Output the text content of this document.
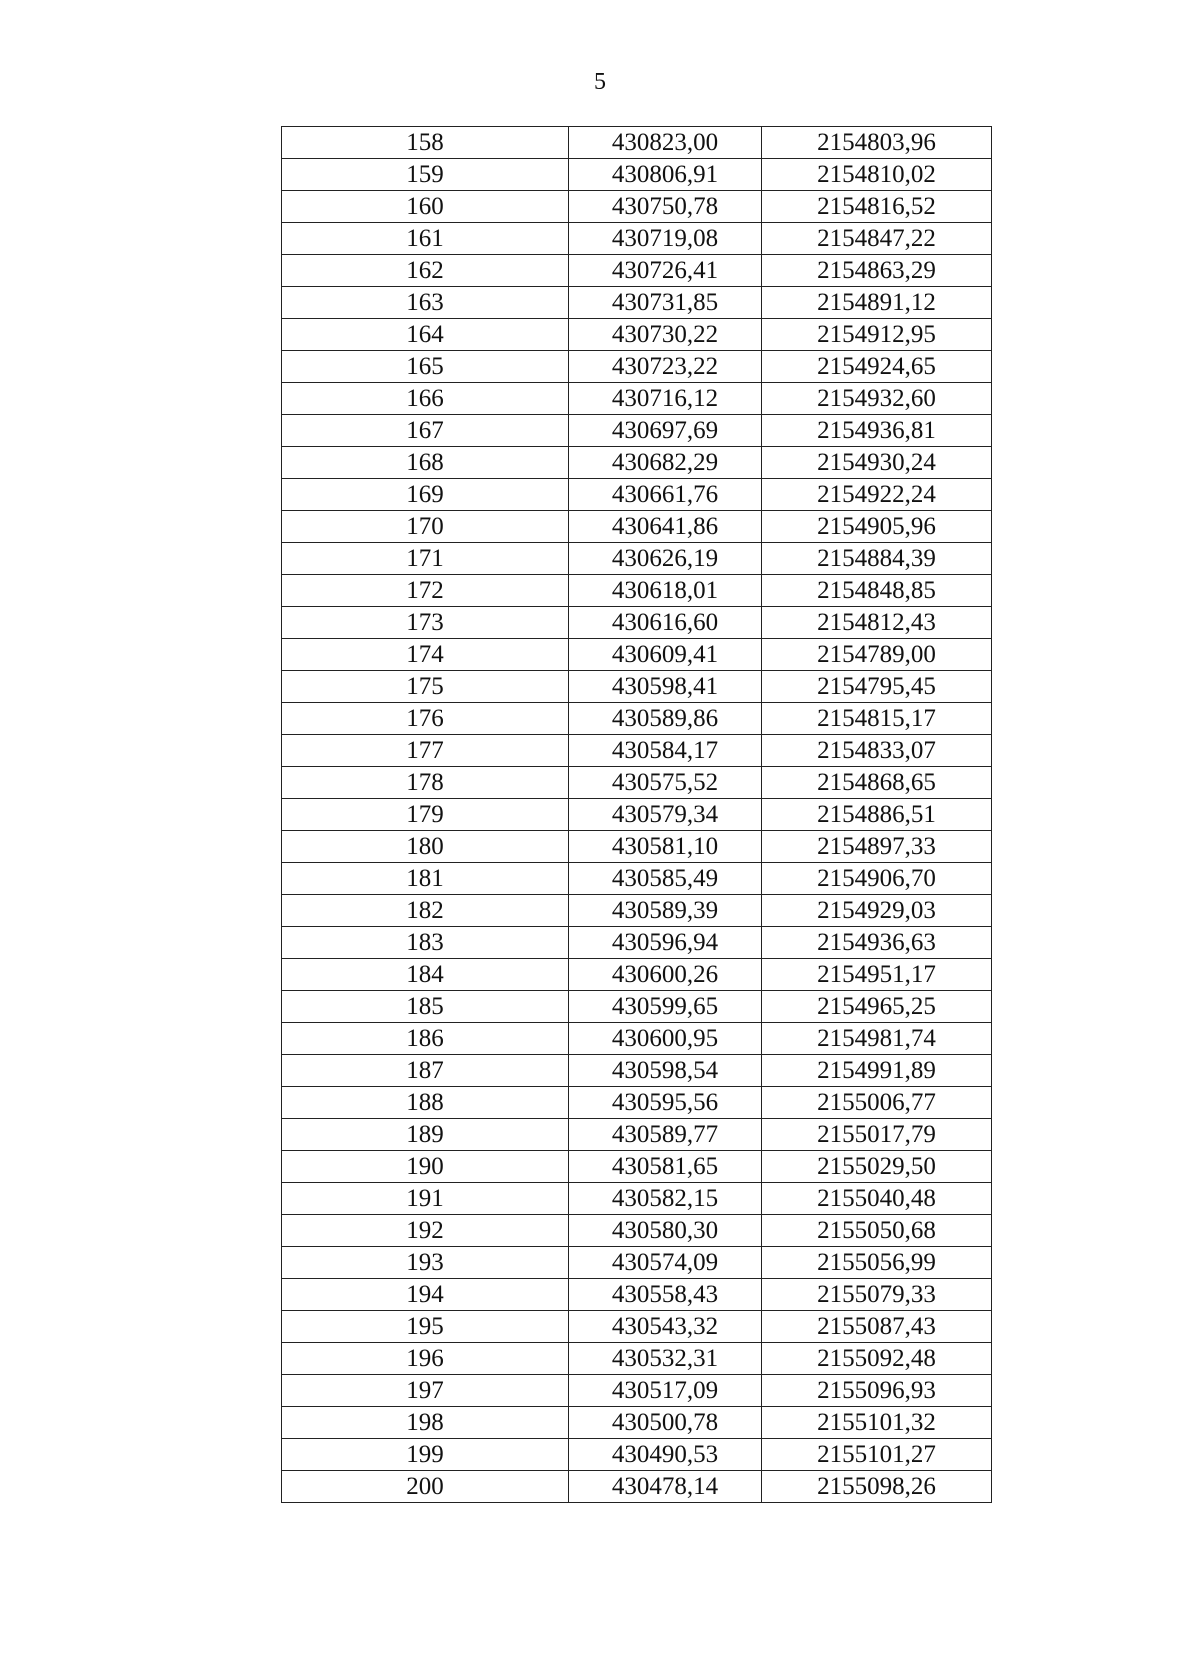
5
158	430823,00	2154803,96
159	430806,91	2154810,02
160	430750,78	2154816,52
161	430719,08	2154847,22
162	430726,41	2154863,29
163	430731,85	2154891,12
164	430730,22	2154912,95
165	430723,22	2154924,65
166	430716,12	2154932,60
167	430697,69	2154936,81
168	430682,29	2154930,24
169	430661,76	2154922,24
170	430641,86	2154905,96
171	430626,19	2154884,39
172	430618,01	2154848,85
173	430616,60	2154812,43
174	430609,41	2154789,00
175	430598,41	2154795,45
176	430589,86	2154815,17
177	430584,17	2154833,07
178	430575,52	2154868,65
179	430579,34	2154886,51
180	430581,10	2154897,33
181	430585,49	2154906,70
182	430589,39	2154929,03
183	430596,94	2154936,63
184	430600,26	2154951,17
185	430599,65	2154965,25
186	430600,95	2154981,74
187	430598,54	2154991,89
188	430595,56	2155006,77
189	430589,77	2155017,79
190	430581,65	2155029,50
191	430582,15	2155040,48
192	430580,30	2155050,68
193	430574,09	2155056,99
194	430558,43	2155079,33
195	430543,32	2155087,43
196	430532,31	2155092,48
197	430517,09	2155096,93
198	430500,78	2155101,32
199	430490,53	2155101,27
200	430478,14	2155098,26
